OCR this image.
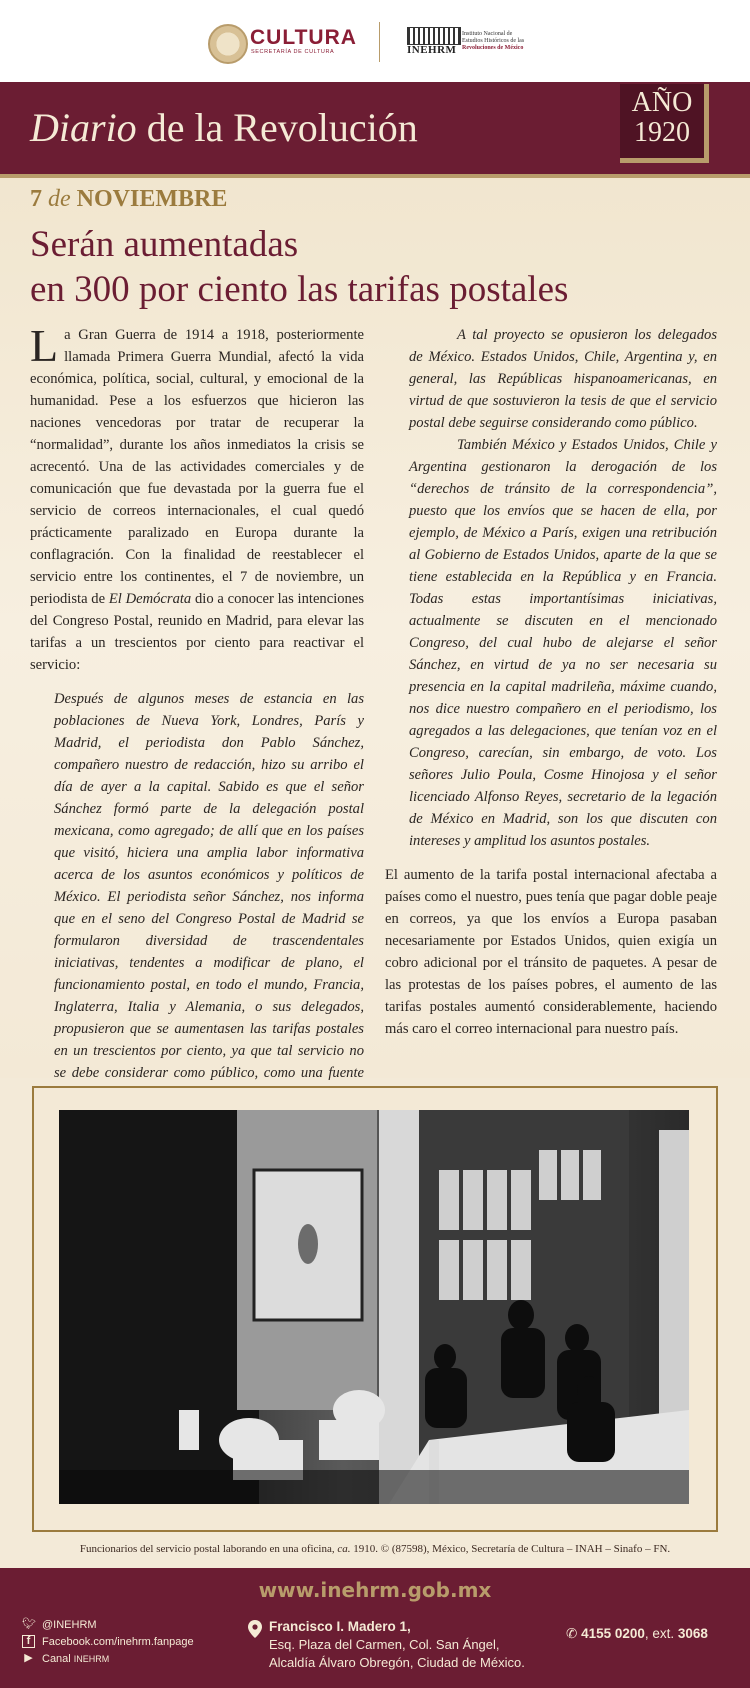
CULTURA
SECRETARÍA DE CULTURA	INEHRM
Instituto Nacional de
Estudios Históricos de las
Revoluciones de México
Diario de la Revolución
AÑO
1920
7 de NOVIEMBRE
Serán aumentadas
en 300 por ciento las tarifas postales

La Gran Guerra de 1914 a 1918, posteriormente llamada Primera Guerra Mundial, afectó la vida económica, política, social, cultural, y emocional de la humanidad. Pese a los esfuerzos que hicieron las naciones vencedoras por tratar de recuperar la “normalidad”, durante los años inmediatos la crisis se acrecentó. Una de las actividades comerciales y de comunicación que fue devastada por la guerra fue el servicio de correos internacionales, el cual quedó prácticamente paralizado en Europa durante la conflagración. Con la finalidad de reestablecer el servicio entre los continentes, el 7 de noviembre, un periodista de El Demócrata dio a conocer las intenciones del Congreso Postal, reunido en Madrid, para elevar las tarifas a un trescientos por ciento para reactivar el servicio:

Después de algunos meses de estancia en las poblaciones de Nueva York, Londres, París y Madrid, el periodista don Pablo Sánchez, compañero nuestro de redacción, hizo su arribo el día de ayer a la capital. Sabido es que el señor Sánchez formó parte de la delegación postal mexicana, como agregado; de allí que en los países que visitó, hiciera una amplia labor informativa acerca de los asuntos económicos y políticos de México. El periodista señor Sánchez, nos informa que en el seno del Congreso Postal de Madrid se formularon diversidad de trascendentales iniciativas, tendentes a modificar de plano, el funcionamiento postal, en todo el mundo, Francia, Inglaterra, Italia y Alemania, o sus delegados, propusieron que se aumentasen las tarifas postales en un trescientos por ciento, ya que tal servicio no se debe considerar como público, como una fuente

A tal proyecto se opusieron los delegados de México. Estados Unidos, Chile, Argentina y, en general, las Repúblicas hispanoamericanas, en virtud de que sostuvieron la tesis de que el servicio postal debe seguirse considerando como público.

También México y Estados Unidos, Chile y Argentina gestionaron la derogación de los “derechos de tránsito de la correspondencia”, puesto que los envíos que se hacen de ella, por ejemplo, de México a París, exigen una retribución al Gobierno de Estados Unidos, aparte de la que se tiene establecida en la República y en Francia. Todas estas importantísimas iniciativas, actualmente se discuten en el mencionado Congreso, del cual hubo de alejarse el señor Sánchez, en virtud de ya no ser necesaria su presencia en la capital madrileña, máxime cuando, nos dice nuestro compañero en el periodismo, los agregados a las delegaciones, que tenían voz en el Congreso, carecían, sin embargo, de voto. Los señores Julio Poula, Cosme Hinojosa y el señor licenciado Alfonso Reyes, secretario de la legación de México en Madrid, son los que discuten con intereses y amplitud los asuntos postales.

El aumento de la tarifa postal internacional afectaba a países como el nuestro, pues tenía que pagar doble peaje en correos, ya que los envíos a Europa pasaban necesariamente por Estados Unidos, quien exigía un cobro adicional por el tránsito de paquetes. A pesar de las protestas de los países pobres, el aumento de las tarifas postales aumentó considerablemente, haciendo más caro el correo internacional para nuestro país.

Funcionarios del servicio postal laborando en una oficina, ca. 1910. © (87598), México, Secretaría de Cultura – INAH – Sinafo – FN.
www.inehrm.gob.mx
🐦︎ @INEHRM
f	Facebook.com/inehrm.fanpage
▶ Canal INEHRM
Francisco I. Madero 1,
Esq. Plaza del Carmen, Col. San Ángel,
Alcaldía Álvaro Obregón, Ciudad de México.
✆ 4155 0200, ext. 3068
